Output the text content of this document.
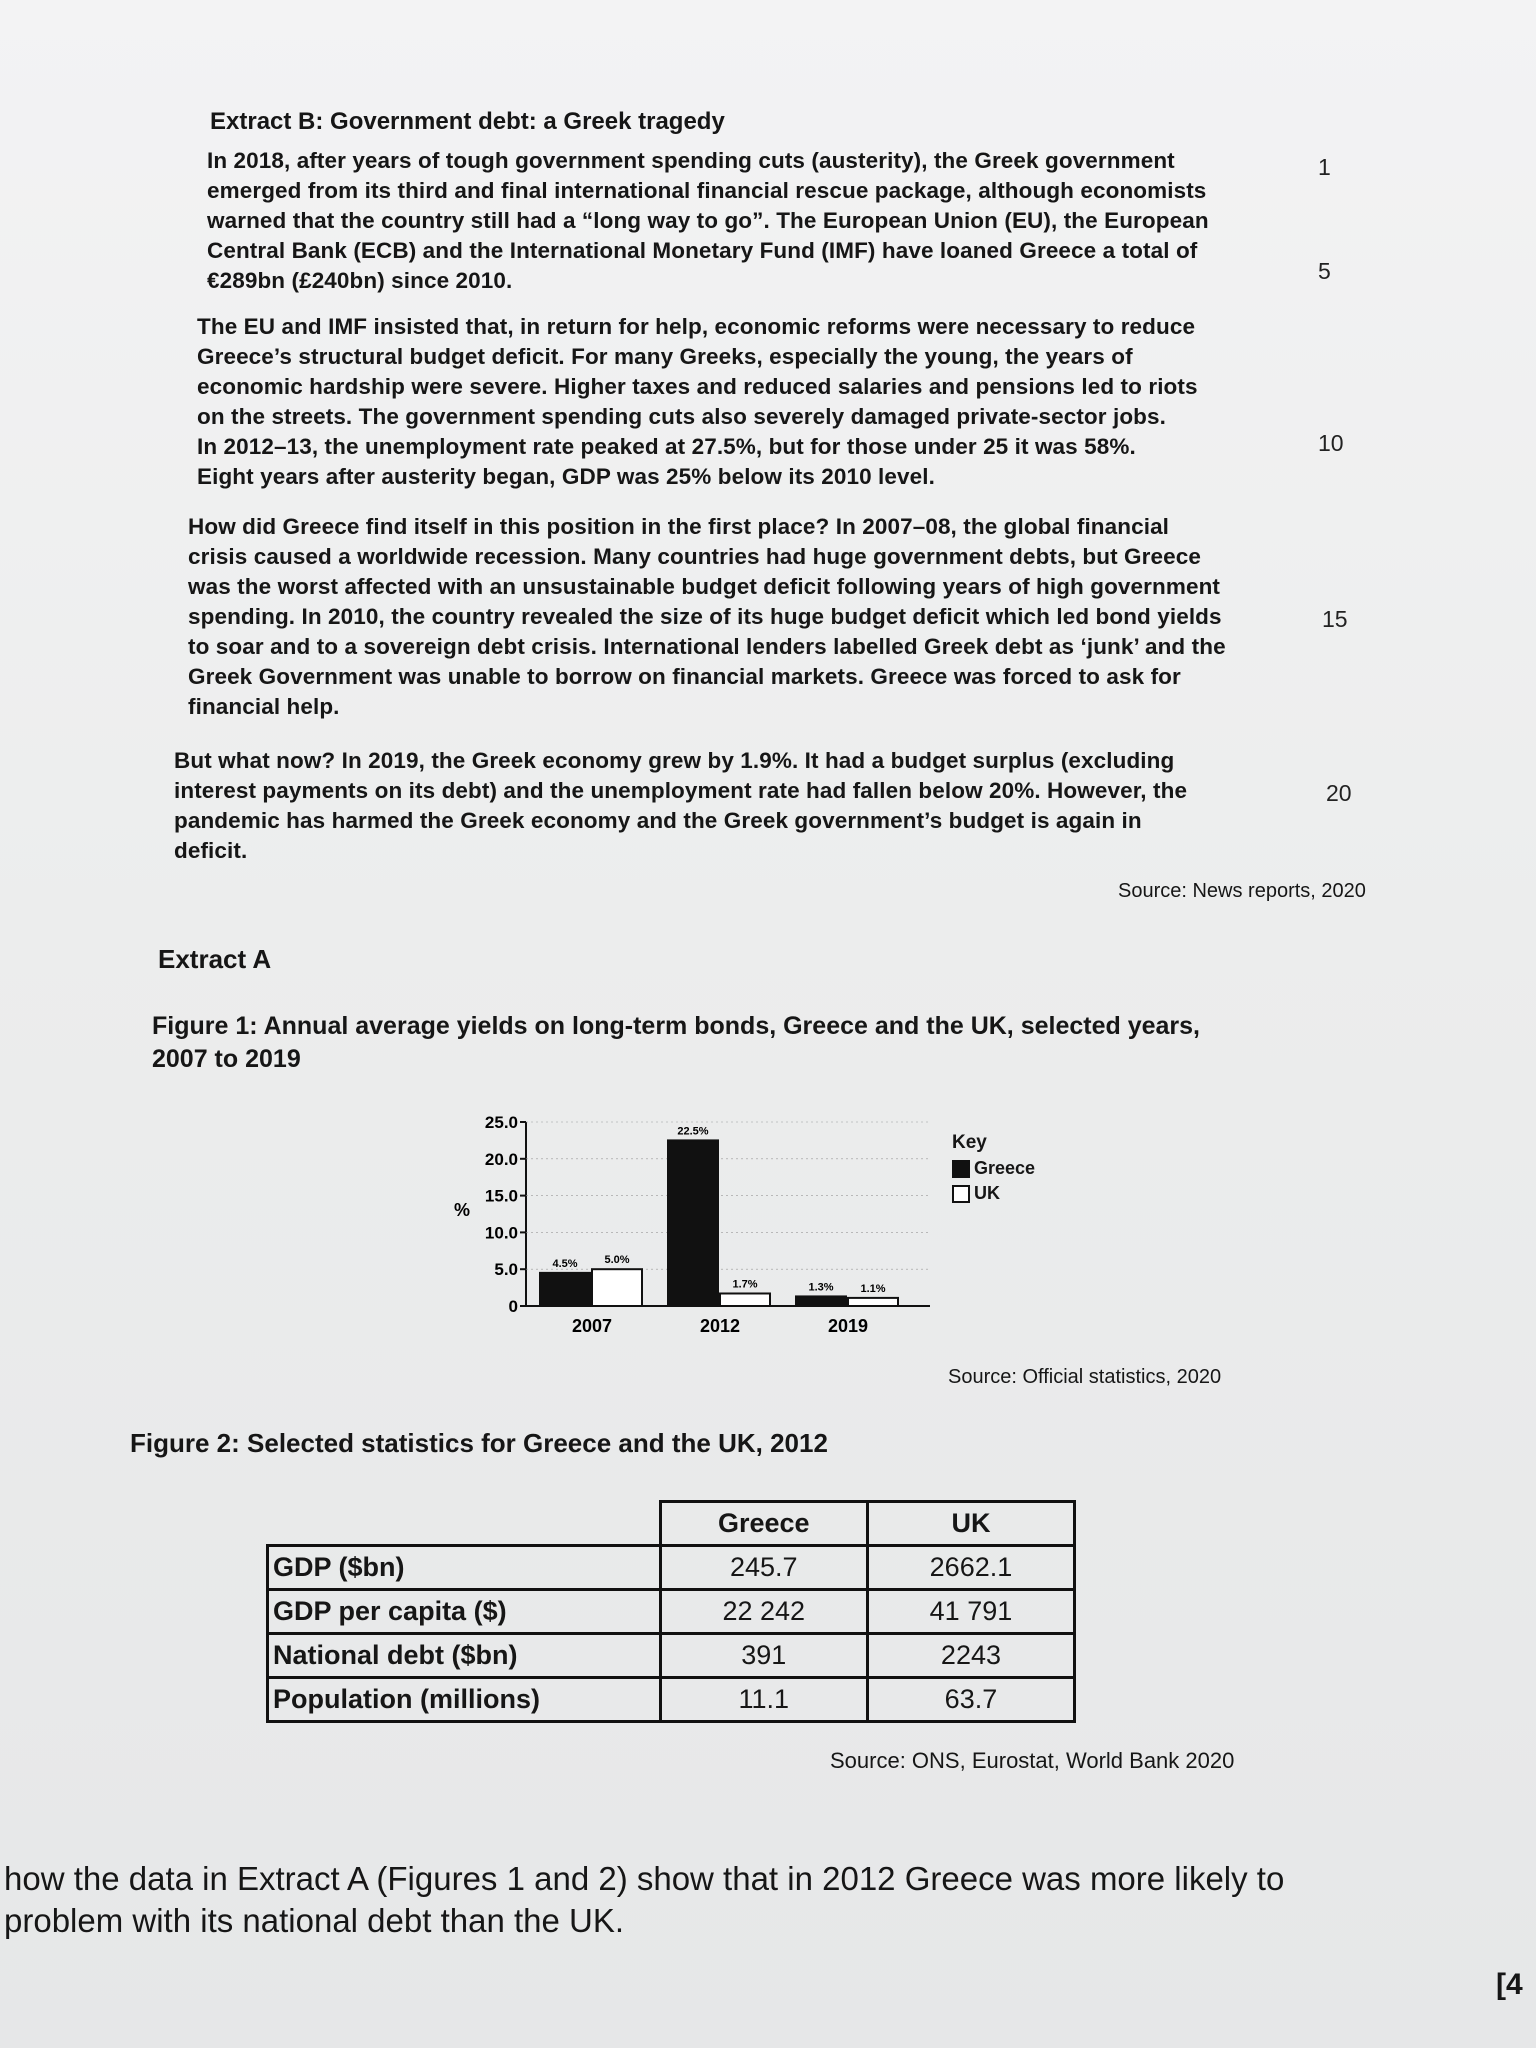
Extract B: Government debt: a Greek tragedy
In 2018, after years of tough government spending cuts (austerity), the Greek government
emerged from its third and final international financial rescue package, although economists
warned that the country still had a “long way to go”. The European Union (EU), the European
Central Bank (ECB) and the International Monetary Fund (IMF) have loaned Greece a total of
€289bn (£240bn) since 2010.
The EU and IMF insisted that, in return for help, economic reforms were necessary to reduce
Greece’s structural budget deficit. For many Greeks, especially the young, the years of
economic hardship were severe. Higher taxes and reduced salaries and pensions led to riots
on the streets. The government spending cuts also severely damaged private-sector jobs.
In 2012–13, the unemployment rate peaked at 27.5%, but for those under 25 it was 58%.
Eight years after austerity began, GDP was 25% below its 2010 level.
How did Greece find itself in this position in the first place? In 2007–08, the global financial
crisis caused a worldwide recession. Many countries had huge government debts, but Greece
was the worst affected with an unsustainable budget deficit following years of high government
spending. In 2010, the country revealed the size of its huge budget deficit which led bond yields
to soar and to a sovereign debt crisis. International lenders labelled Greek debt as ‘junk’ and the
Greek Government was unable to borrow on financial markets. Greece was forced to ask for
financial help.
But what now? In 2019, the Greek economy grew by 1.9%. It had a budget surplus (excluding
interest payments on its debt) and the unemployment rate had fallen below 20%. However, the
pandemic has harmed the Greek economy and the Greek government’s budget is again in
deficit.
1
5
10
15
20
Source: News reports, 2020
Extract A
Figure 1: Annual average yields on long-term bonds, Greece and the UK, selected years,
2007 to 2019
0
5.0
10.0
15.0
20.0
25.0
%
4.5% 5.0%
2007
22.5%
1.7%
2012
1.3% 1.1%
2019
Key
Greece
UK
Source: Official statistics, 2020
Figure 2: Selected statistics for Greece and the UK, 2012
	Greece	UK
GDP ($bn)	245.7	2662.1
GDP per capita ($)	22 242	41 791
National debt ($bn)	391	2243
Population (millions)	11.1	63.7
Source: ONS, Eurostat, World Bank 2020
how the data in Extract A (Figures 1 and 2) show that in 2012 Greece was more likely to
problem with its national debt than the UK.
[4
